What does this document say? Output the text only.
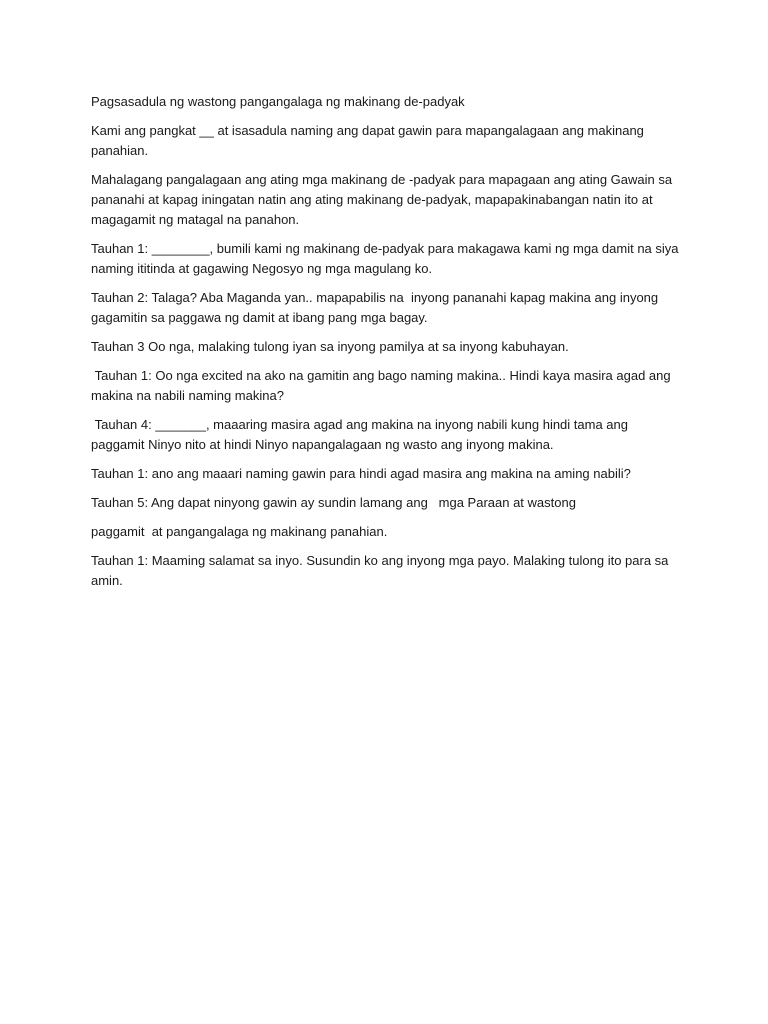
Pagsasadula ng wastong pangangalaga ng makinang de-padyak

Kami ang pangkat __ at isasadula naming ang dapat gawin para mapangalagaan ang makinang panahian.

Mahalagang pangalagaan ang ating mga makinang de -padyak para mapagaan ang ating Gawain sa pananahi at kapag iningatan natin ang ating makinang de-padyak, mapapakinabangan natin ito at magagamit ng matagal na panahon.

Tauhan 1: ________, bumili kami ng makinang de-padyak para makagawa kami ng mga damit na siya naming ititinda at gagawing Negosyo ng mga magulang ko.

Tauhan 2: Talaga? Aba Maganda yan.. mapapabilis na  inyong pananahi kapag makina ang inyong gagamitin sa paggawa ng damit at ibang pang mga bagay.

Tauhan 3 Oo nga, malaking tulong iyan sa inyong pamilya at sa inyong kabuhayan.

Tauhan 1: Oo nga excited na ako na gamitin ang bago naming makina.. Hindi kaya masira agad ang makina na nabili naming makina?

Tauhan 4: _______, maaaring masira agad ang makina na inyong nabili kung hindi tama ang paggamit Ninyo nito at hindi Ninyo napangalagaan ng wasto ang inyong makina.

Tauhan 1: ano ang maaari naming gawin para hindi agad masira ang makina na aming nabili?

Tauhan 5: Ang dapat ninyong gawin ay sundin lamang ang   mga Paraan at wastong

paggamit  at pangangalaga ng makinang panahian.

Tauhan 1: Maaming salamat sa inyo. Susundin ko ang inyong mga payo. Malaking tulong ito para sa amin.
